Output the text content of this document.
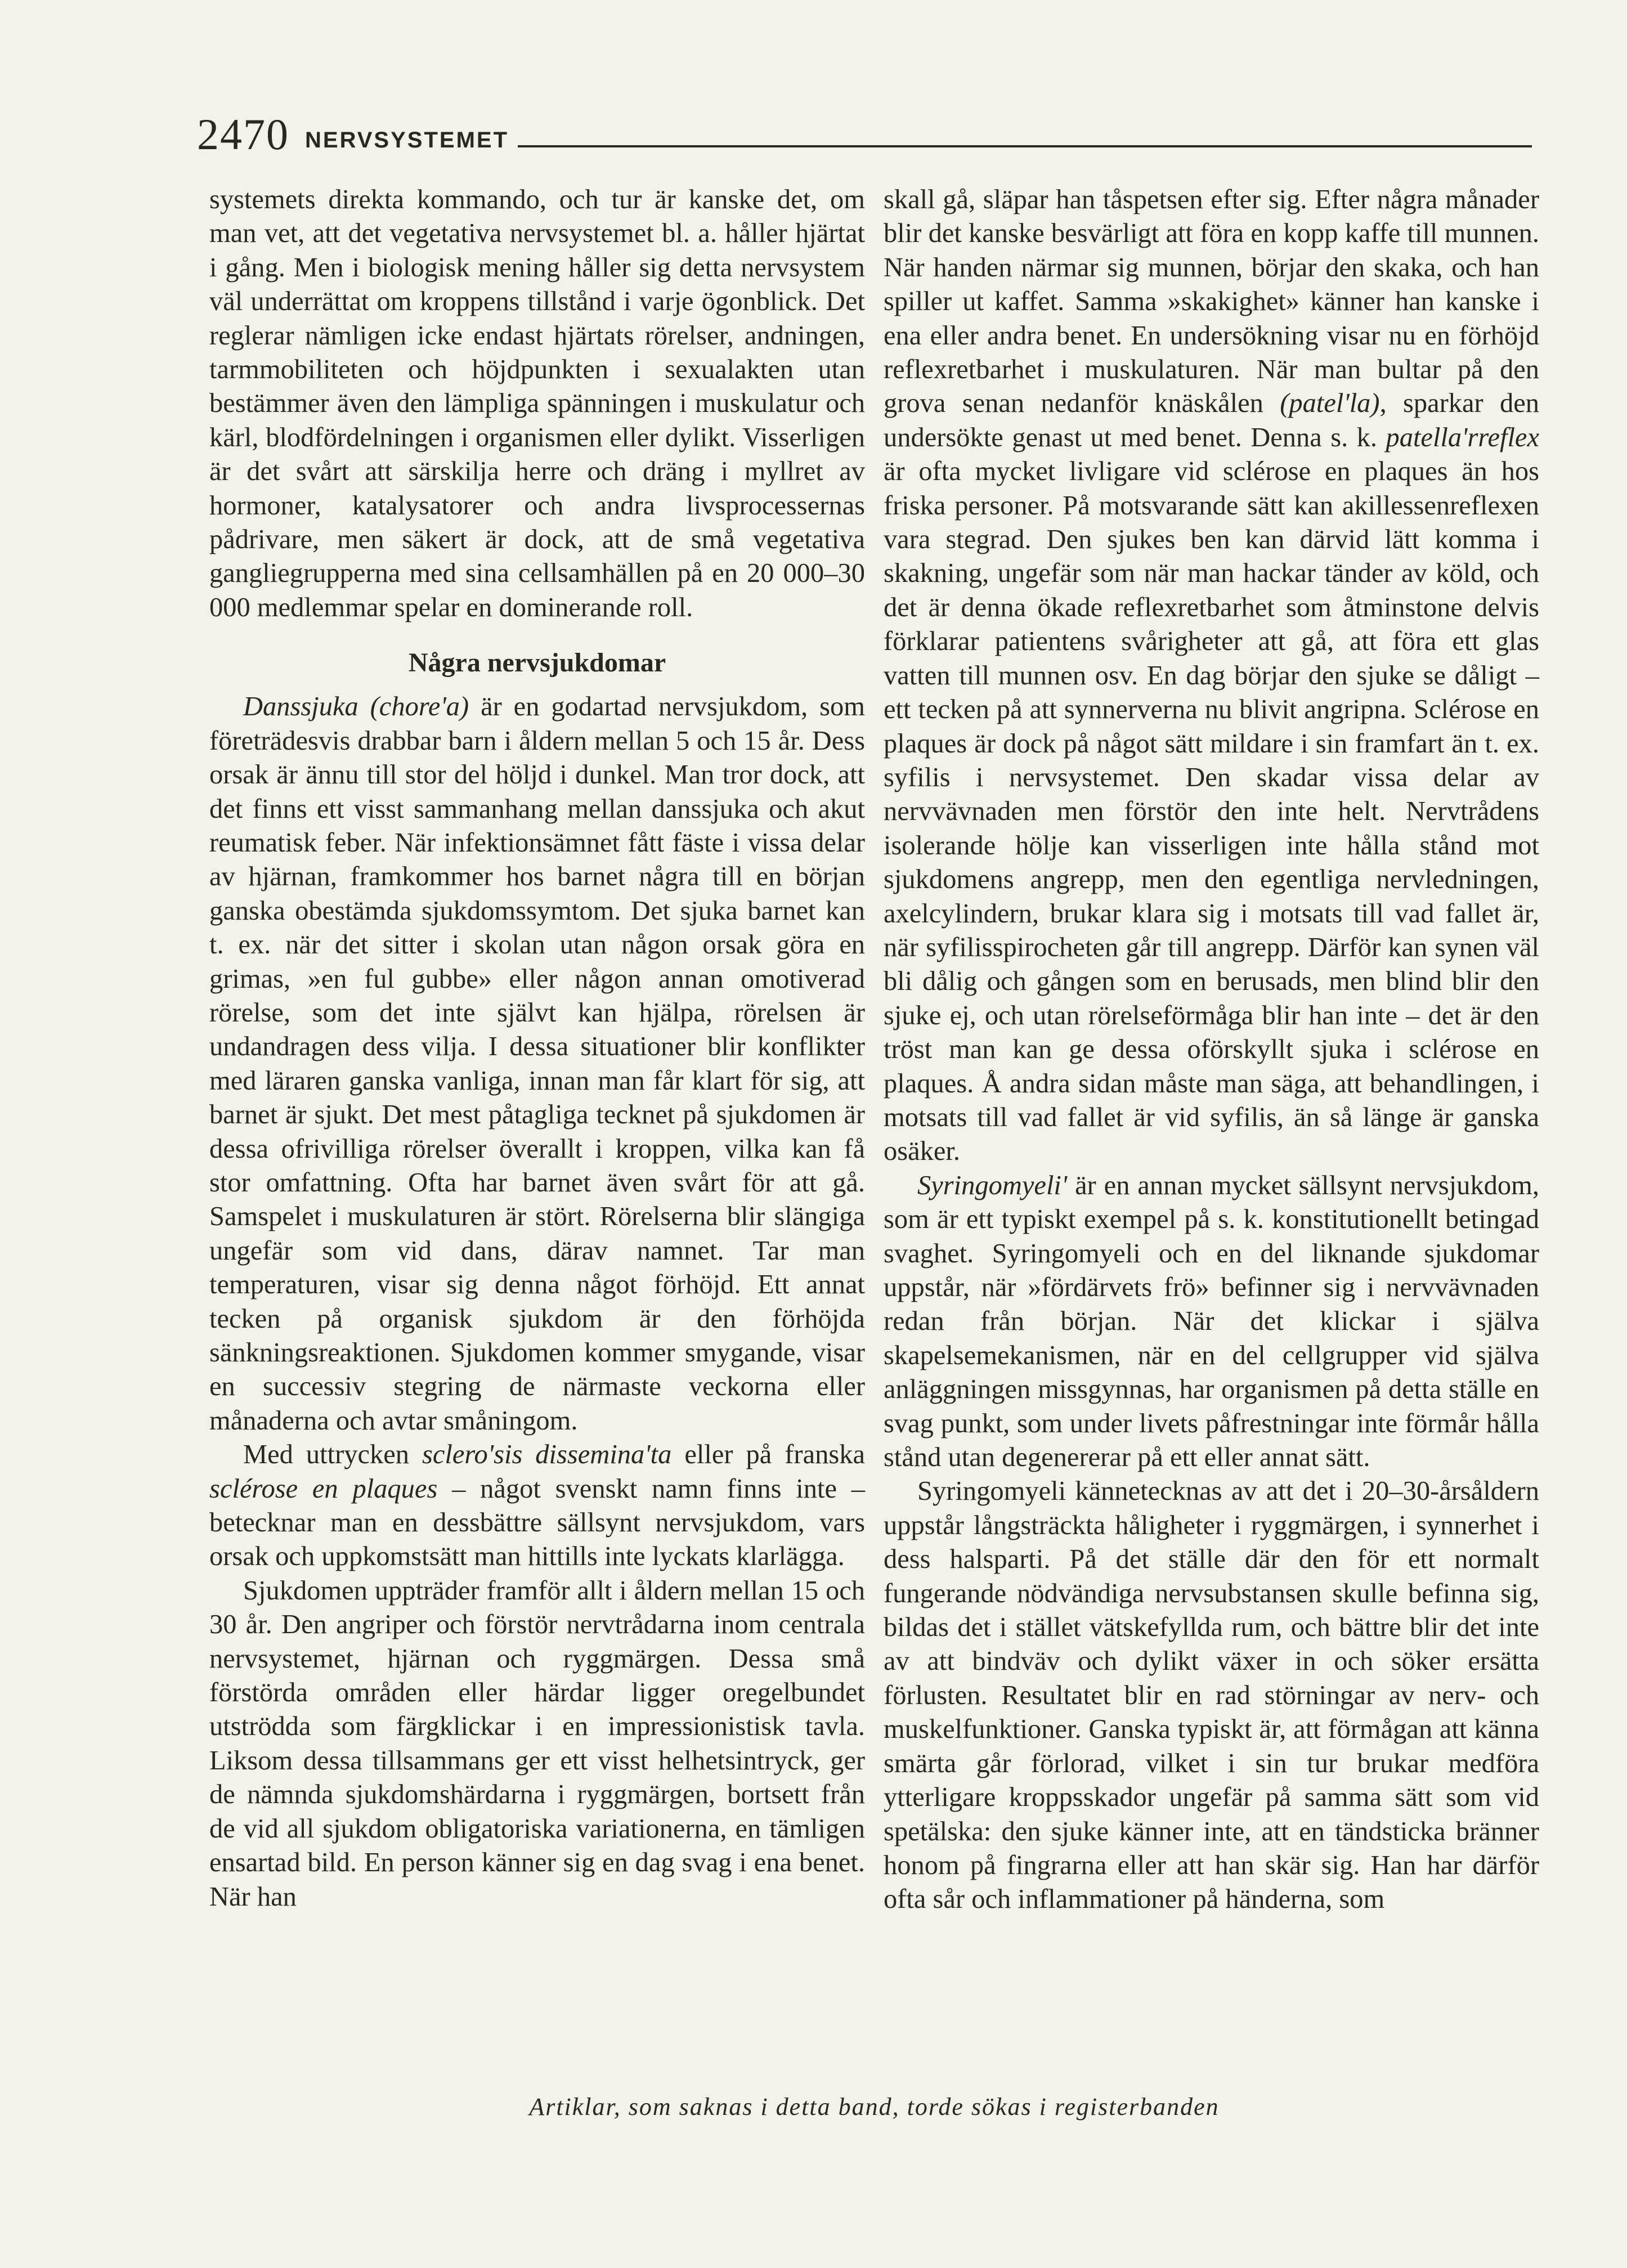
2470 NERVSYSTEMET

systemets direkta kommando, och tur är kanske det, om man vet, att det vegetativa nervsystemet bl. a. håller hjärtat i gång. Men i biologisk mening håller sig detta nervsystem väl underrättat om kroppens tillstånd i varje ögonblick. Det reglerar nämligen icke endast hjärtats rörelser, andningen, tarmmobiliteten och höjdpunkten i sexualakten utan bestämmer även den lämpliga spänningen i muskulatur och kärl, blodfördelningen i organismen eller dylikt. Visserligen är det svårt att särskilja herre och dräng i myllret av hormoner, katalysatorer och andra livsprocessernas pådrivare, men säkert är dock, att de små vegetativa gangliegrupperna med sina cellsamhällen på en 20 000–30 000 medlemmar spelar en dominerande roll.

Några nervsjukdomar

Danssjuka (chore'a) är en godartad nervsjukdom, som företrädesvis drabbar barn i åldern mellan 5 och 15 år. Dess orsak är ännu till stor del höljd i dunkel. Man tror dock, att det finns ett visst sammanhang mellan danssjuka och akut reumatisk feber. När infektionsämnet fått fäste i vissa delar av hjärnan, framkommer hos barnet några till en början ganska obestämda sjukdomssymtom. Det sjuka barnet kan t. ex. när det sitter i skolan utan någon orsak göra en grimas, »en ful gubbe» eller någon annan omotiverad rörelse, som det inte självt kan hjälpa, rörelsen är undandragen dess vilja. I dessa situationer blir konflikter med läraren ganska vanliga, innan man får klart för sig, att barnet är sjukt. Det mest påtagliga tecknet på sjukdomen är dessa ofrivilliga rörelser överallt i kroppen, vilka kan få stor omfattning. Ofta har barnet även svårt för att gå. Samspelet i muskulaturen är stört. Rörelserna blir slängiga ungefär som vid dans, därav namnet. Tar man temperaturen, visar sig denna något förhöjd. Ett annat tecken på organisk sjukdom är den förhöjda sänkningsreaktionen. Sjukdomen kommer smygande, visar en successiv stegring de närmaste veckorna eller månaderna och avtar småningom.

Med uttrycken sclero'sis dissemina'ta eller på franska sclérose en plaques – något svenskt namn finns inte – betecknar man en dessbättre sällsynt nervsjukdom, vars orsak och uppkomstsätt man hittills inte lyckats klarlägga.

Sjukdomen uppträder framför allt i åldern mellan 15 och 30 år. Den angriper och förstör nervtrådarna inom centrala nervsystemet, hjärnan och ryggmärgen. Dessa små förstörda områden eller härdar ligger oregelbundet utströdda som färgklickar i en impressionistisk tavla. Liksom dessa tillsammans ger ett visst helhetsintryck, ger de nämnda sjukdomshärdarna i ryggmärgen, bortsett från de vid all sjukdom obligatoriska variationerna, en tämligen ensartad bild. En person känner sig en dag svag i ena benet. När han

skall gå, släpar han tåspetsen efter sig. Efter några månader blir det kanske besvärligt att föra en kopp kaffe till munnen. När handen närmar sig munnen, börjar den skaka, och han spiller ut kaffet. Samma »skakighet» känner han kanske i ena eller andra benet. En undersökning visar nu en förhöjd reflexretbarhet i muskulaturen. När man bultar på den grova senan nedanför knäskålen (patel'la), sparkar den undersökte genast ut med benet. Denna s. k. patella'rreflex är ofta mycket livligare vid sclérose en plaques än hos friska personer. På motsvarande sätt kan akillessenreflexen vara stegrad. Den sjukes ben kan därvid lätt komma i skakning, ungefär som när man hackar tänder av köld, och det är denna ökade reflexretbarhet som åtminstone delvis förklarar patientens svårigheter att gå, att föra ett glas vatten till munnen osv. En dag börjar den sjuke se dåligt – ett tecken på att synnerverna nu blivit angripna. Sclérose en plaques är dock på något sätt mildare i sin framfart än t. ex. syfilis i nervsystemet. Den skadar vissa delar av nervvävnaden men förstör den inte helt. Nervtrådens isolerande hölje kan visserligen inte hålla stånd mot sjukdomens angrepp, men den egentliga nervledningen, axelcylindern, brukar klara sig i motsats till vad fallet är, när syfilisspirocheten går till angrepp. Därför kan synen väl bli dålig och gången som en berusads, men blind blir den sjuke ej, och utan rörelseförmåga blir han inte – det är den tröst man kan ge dessa oförskyllt sjuka i sclérose en plaques. Å andra sidan måste man säga, att behandlingen, i motsats till vad fallet är vid syfilis, än så länge är ganska osäker.

Syringomyeli' är en annan mycket sällsynt nervsjukdom, som är ett typiskt exempel på s. k. konstitutionellt betingad svaghet. Syringomyeli och en del liknande sjukdomar uppstår, när »fördärvets frö» befinner sig i nervvävnaden redan från början. När det klickar i själva skapelsemekanismen, när en del cellgrupper vid själva anläggningen missgynnas, har organismen på detta ställe en svag punkt, som under livets påfrestningar inte förmår hålla stånd utan degenererar på ett eller annat sätt.

Syringomyeli kännetecknas av att det i 20–30-årsåldern uppstår långsträckta håligheter i ryggmärgen, i synnerhet i dess halsparti. På det ställe där den för ett normalt fungerande nödvändiga nervsubstansen skulle befinna sig, bildas det i stället vätskefyllda rum, och bättre blir det inte av att bindväv och dylikt växer in och söker ersätta förlusten. Resultatet blir en rad störningar av nerv- och muskelfunktioner. Ganska typiskt är, att förmågan att känna smärta går förlorad, vilket i sin tur brukar medföra ytterligare kroppsskador ungefär på samma sätt som vid spetälska: den sjuke känner inte, att en tändsticka bränner honom på fingrarna eller att han skär sig. Han har därför ofta sår och inflammationer på händerna, som

Artiklar, som saknas i detta band, torde sökas i registerbanden
